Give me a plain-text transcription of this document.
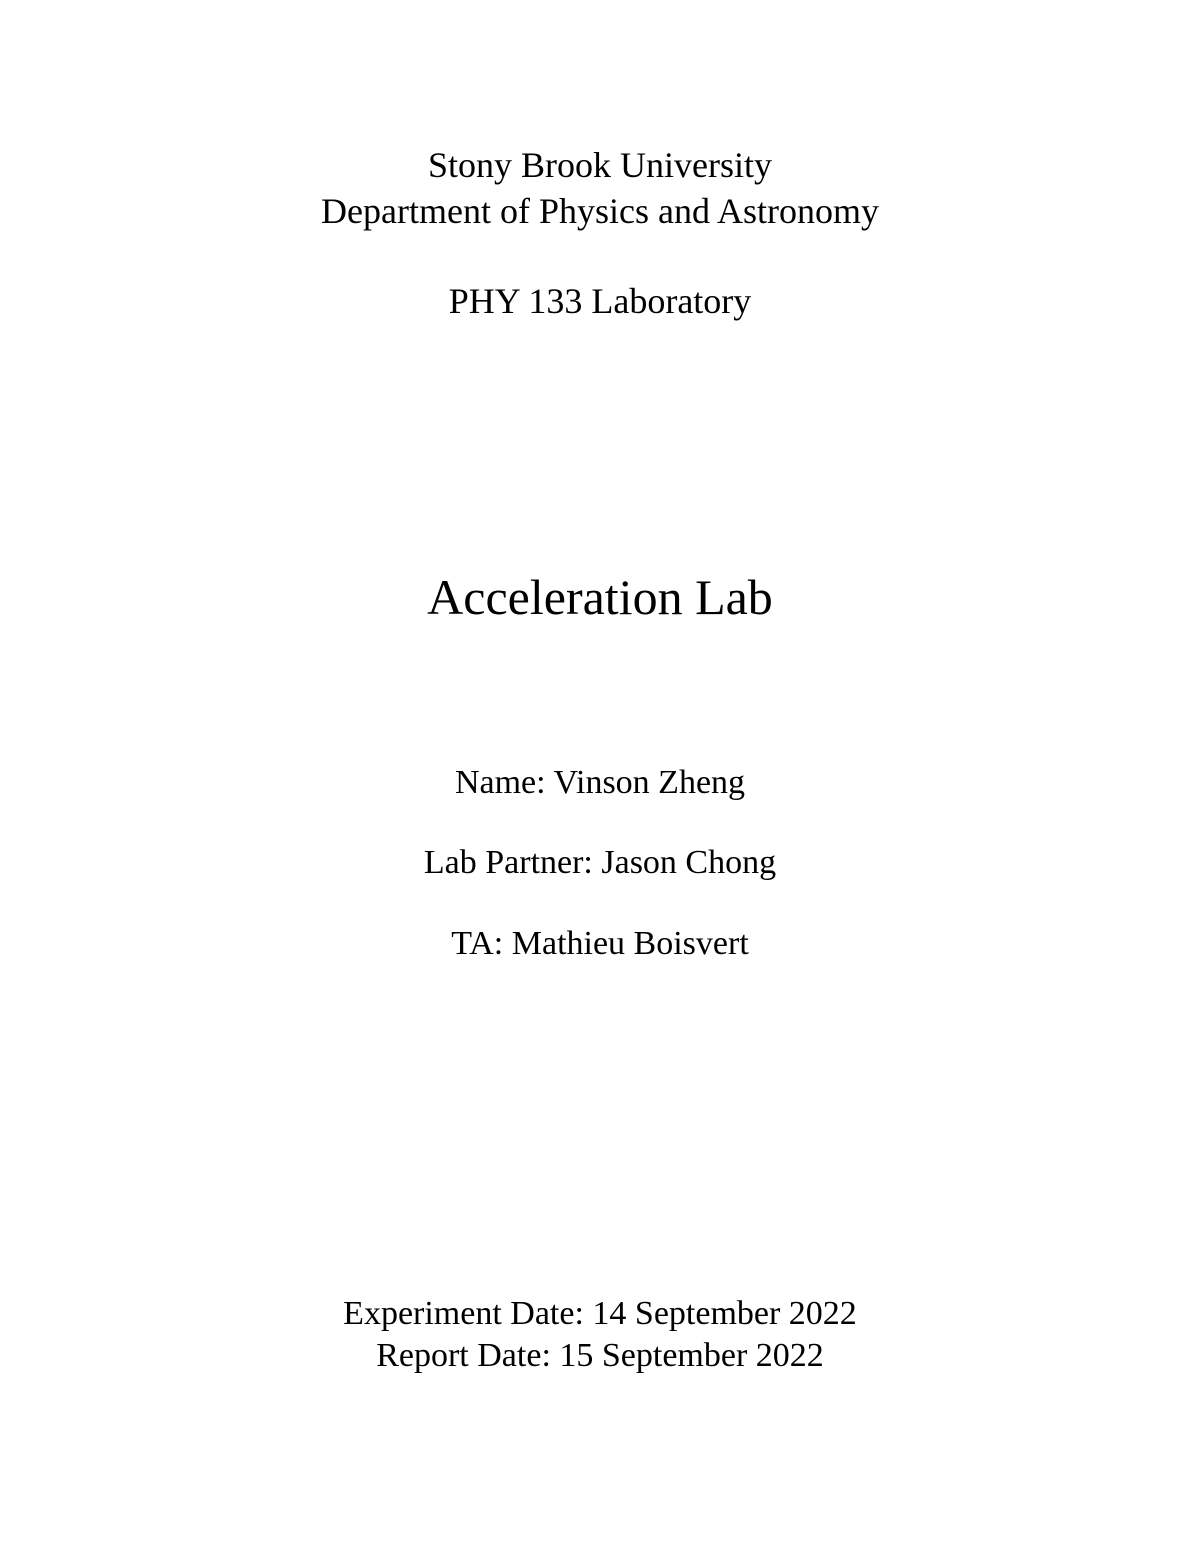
Stony Brook University
Department of Physics and Astronomy
PHY 133 Laboratory
Acceleration Lab
Name: Vinson Zheng
Lab Partner: Jason Chong
TA: Mathieu Boisvert
Experiment Date: 14 September 2022
Report Date: 15 September 2022
